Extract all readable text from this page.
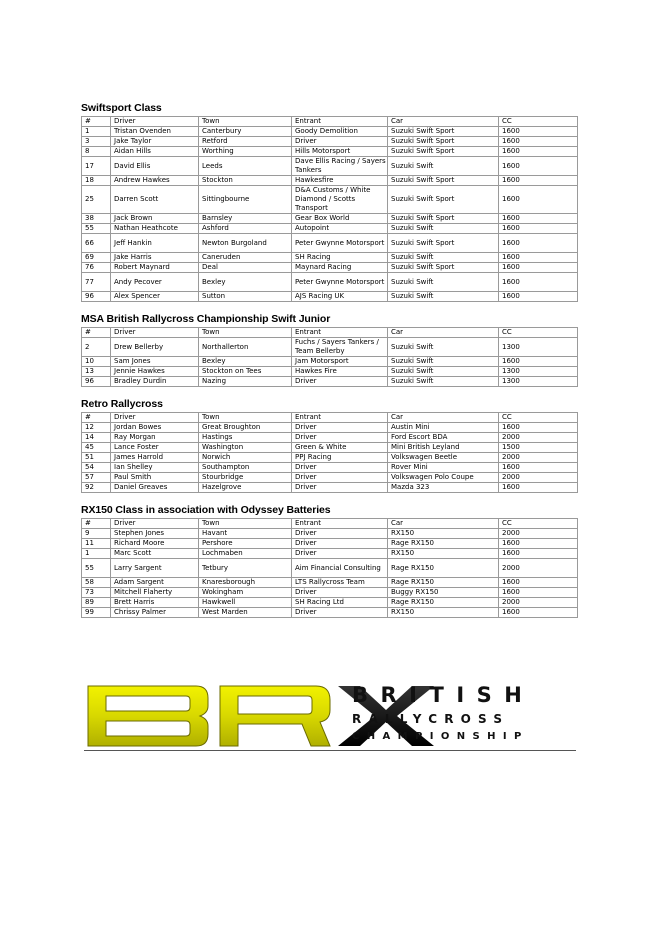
Swiftsport Class
#	Driver	Town	Entrant	Car	CC
1	Tristan Ovenden	Canterbury	Goody Demolition	Suzuki Swift Sport	1600
3	Jake Taylor	Retford	Driver	Suzuki Swift Sport	1600
8	Aidan Hills	Worthing	Hills Motorsport	Suzuki Swift Sport	1600
17	David Ellis	Leeds	Dave Ellis Racing / Sayers Tankers	Suzuki Swift	1600
18	Andrew Hawkes	Stockton	Hawkesfire	Suzuki Swift Sport	1600
25	Darren Scott	Sittingbourne	D&A Customs / White Diamond / Scotts Transport	Suzuki Swift Sport	1600
38	Jack Brown	Barnsley	Gear Box World	Suzuki Swift Sport	1600
55	Nathan Heathcote	Ashford	Autopoint	Suzuki Swift	1600
66	Jeff Hankin	Newton Burgoland	Peter Gwynne Motorsport	Suzuki Swift Sport	1600
69	Jake Harris	Caneruden	SH Racing	Suzuki Swift	1600
76	Robert Maynard	Deal	Maynard Racing	Suzuki Swift Sport	1600
77	Andy Pecover	Bexley	Peter Gwynne Motorsport	Suzuki Swift	1600
96	Alex Spencer	Sutton	AJS Racing UK	Suzuki Swift	1600
MSA British Rallycross Championship Swift Junior
#	Driver	Town	Entrant	Car	CC
2	Drew Bellerby	Northallerton	Fuchs / Sayers Tankers / Team Bellerby	Suzuki Swift	1300
10	Sam Jones	Bexley	Jam Motorsport	Suzuki Swift	1600
13	Jennie Hawkes	Stockton on Tees	Hawkes Fire	Suzuki Swift	1300
96	Bradley Durdin	Nazing	Driver	Suzuki Swift	1300
Retro Rallycross
#	Driver	Town	Entrant	Car	CC
12	Jordan Bowes	Great Broughton	Driver	Austin Mini	1600
14	Ray Morgan	Hastings	Driver	Ford Escort BDA	2000
45	Lance Foster	Washington	Green & White	Mini British Leyland	1500
51	James Harrold	Norwich	PPJ Racing	Volkswagen Beetle	2000
54	Ian Shelley	Southampton	Driver	Rover Mini	1600
57	Paul Smith	Stourbridge	Driver	Volkswagen Polo Coupe	2000
92	Daniel Greaves	Hazelgrove	Driver	Mazda 323	1600
RX150 Class in association with Odyssey Batteries
#	Driver	Town	Entrant	Car	CC
9	Stephen Jones	Havant	Driver	RX150	2000
11	Richard Moore	Pershore	Driver	Rage RX150	1600
1	Marc Scott	Lochmaben	Driver	RX150	1600
55	Larry Sargent	Tetbury	Aim Financial Consulting	Rage RX150	2000
58	Adam Sargent	Knaresborough	LTS Rallycross Team	Rage RX150	1600
73	Mitchell Flaherty	Wokingham	Driver	Buggy RX150	1600
89	Brett Harris	Hawkwell	SH Racing Ltd	Rage RX150	2000
99	Chrissy Palmer	West Marden	Driver	RX150	1600
BRITISH
RALLYCROSS
CHAMPIONSHIP
